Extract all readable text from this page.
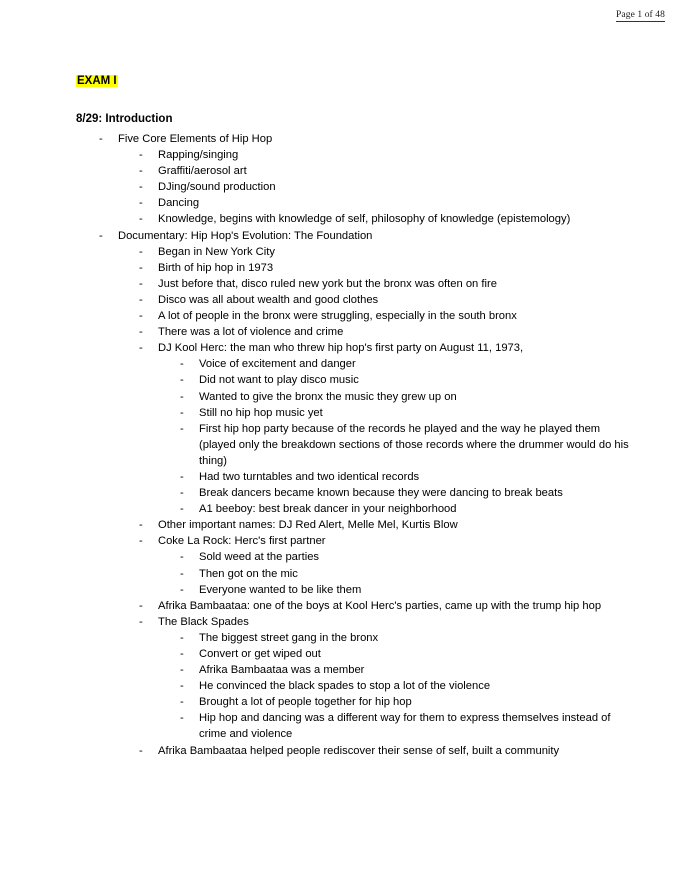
Page 1 of 48
EXAM I
8/29: Introduction
-	Five Core Elements of Hip Hop
-	Rapping/singing
-	Graffiti/aerosol art
-	DJing/sound production
-	Dancing
-	Knowledge, begins with knowledge of self, philosophy of knowledge (epistemology)
-	Documentary: Hip Hop's Evolution: The Foundation
-	Began in New York City
-	Birth of hip hop in 1973
-	Just before that, disco ruled new york but the bronx was often on fire
-	Disco was all about wealth and good clothes
-	A lot of people in the bronx were struggling, especially in the south bronx
-	There was a lot of violence and crime
-	DJ Kool Herc: the man who threw hip hop's first party on August 11, 1973,
-	Voice of excitement and danger
-	Did not want to play disco music
-	Wanted to give the bronx the music they grew up on
-	Still no hip hop music yet
-	First hip hop party because of the records he played and the way he played them (played only the breakdown sections of those records where the drummer would do his thing)
-	Had two turntables and two identical records
-	Break dancers became known because they were dancing to break beats
-	A1 beeboy: best break dancer in your neighborhood
-	Other important names: DJ Red Alert, Melle Mel, Kurtis Blow
-	Coke La Rock: Herc's first partner
-	Sold weed at the parties
-	Then got on the mic
-	Everyone wanted to be like them
-	Afrika Bambaataa: one of the boys at Kool Herc's parties, came up with the trump hip hop
-	The Black Spades
-	The biggest street gang in the bronx
-	Convert or get wiped out
-	Afrika Bambaataa was a member
-	He convinced the black spades to stop a lot of the violence
-	Brought a lot of people together for hip hop
-	Hip hop and dancing was a different way for them to express themselves instead of crime and violence
-	Afrika Bambaataa helped people rediscover their sense of self, built a community
